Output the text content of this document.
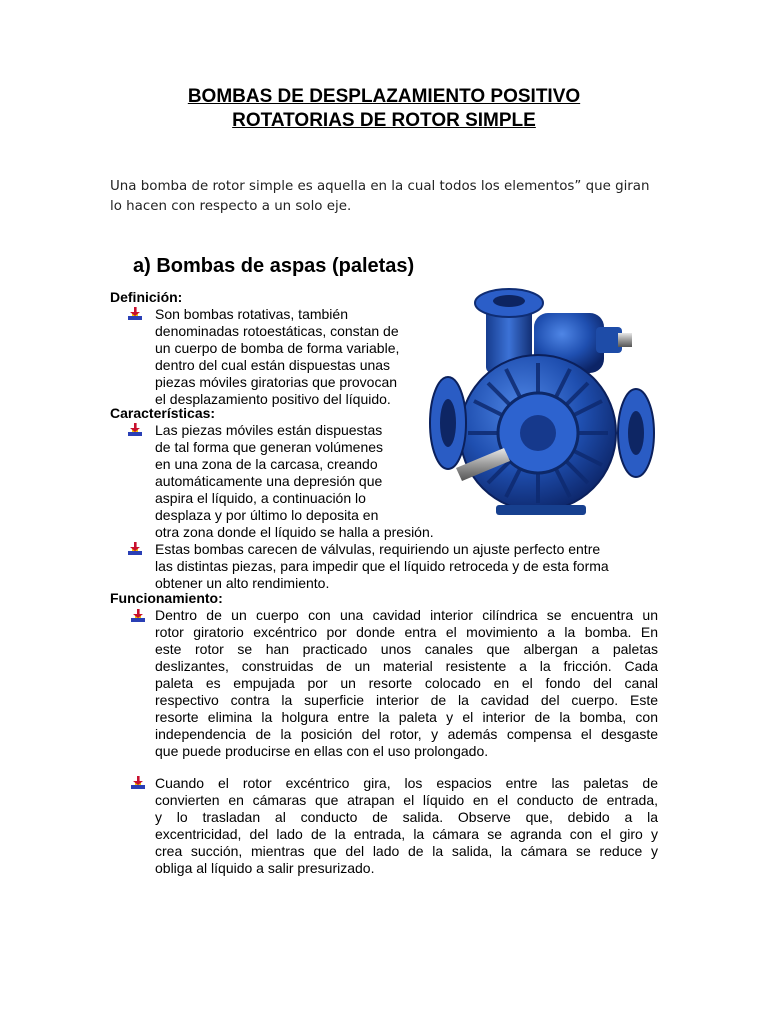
BOMBAS DE DESPLAZAMIENTO POSITIVO
ROTATORIAS DE ROTOR SIMPLE
Una bomba de rotor simple es aquella en la cual todos los elementos” que giran
lo hacen con respecto a un solo eje.
a) Bombas de aspas (paletas)
Definición:
Son bombas rotativas, también
denominadas rotoestáticas, constan de
un cuerpo de bomba de forma variable,
dentro del cual están dispuestas unas
piezas móviles giratorias que provocan
el desplazamiento positivo del líquido.
Características:
Las piezas móviles están dispuestas
de tal forma que generan volúmenes
en una zona de la carcasa, creando
automáticamente una depresión que
aspira el líquido, a continuación lo
desplaza y por último lo deposita en
otra zona donde el líquido se halla a presión.
Estas bombas carecen de válvulas, requiriendo un ajuste perfecto entre
las distintas piezas, para impedir que el líquido retroceda y de esta forma
obtener un alto rendimiento.
Funcionamiento:
Dentro de un cuerpo con una cavidad interior cilíndrica se encuentra un
rotor giratorio excéntrico por donde entra el movimiento a la bomba. En
este rotor se han practicado unos canales que albergan a paletas
deslizantes, construidas de un material resistente a la fricción. Cada
paleta es empujada por un resorte colocado en el fondo del canal
respectivo contra la superficie interior de la cavidad del cuerpo. Este
resorte elimina la holgura entre la paleta y el interior de la bomba, con
independencia de la posición del rotor, y además compensa el desgaste
que puede producirse en ellas con el uso prolongado.
Cuando el rotor excéntrico gira, los espacios entre las paletas de
convierten en cámaras que atrapan el líquido en el conducto de entrada,
y lo trasladan al conducto de salida. Observe que, debido a la
excentricidad, del lado de la entrada, la cámara se agranda con el giro y
crea succión, mientras que del lado de la salida, la cámara se reduce y
obliga al líquido a salir presurizado.
